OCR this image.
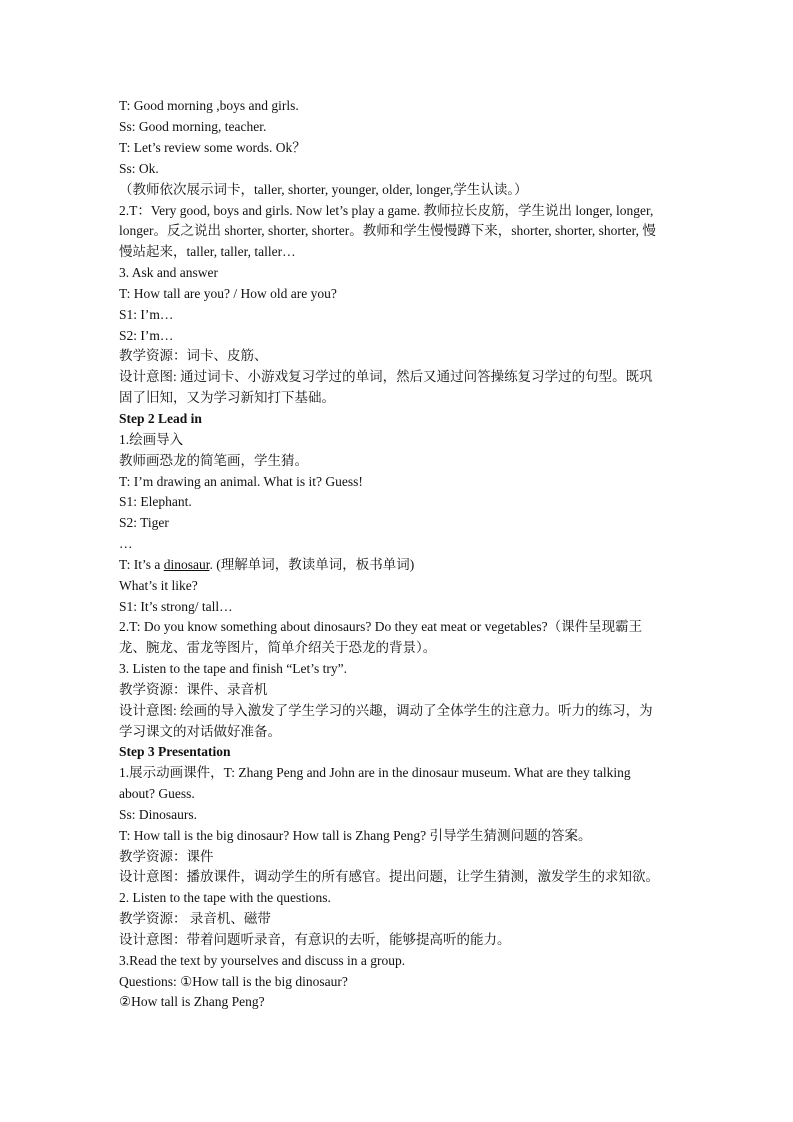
T: Good morning ,boys and girls.
Ss: Good morning, teacher.
T: Let’s review some words. Ok？
Ss: Ok.
（教师依次展示词卡，taller, shorter, younger, older, longer,学生认读。）
2.T：Very good, boys and girls. Now let’s play a game. 教师拉长皮筋，学生说出 longer, longer,
longer。反之说出 shorter, shorter, shorter。教师和学生慢慢蹲下来，shorter, shorter, shorter, 慢
慢站起来，taller, taller, taller…
3. Ask and answer
T: How tall are you? / How old are you?
S1: I’m…
S2: I’m…
教学资源：词卡、皮筋、
设计意图: 通过词卡、小游戏复习学过的单词，然后又通过问答操练复习学过的句型。既巩
固了旧知，又为学习新知打下基础。
Step 2 Lead in
1.绘画导入
教师画恐龙的简笔画，学生猜。
T: I’m drawing an animal. What is it? Guess!
S1: Elephant.
S2: Tiger
…
T: It’s a dinosaur. (理解单词，教读单词，板书单词)
What’s it like?
S1: It’s strong/ tall…
2.T: Do you know something about dinosaurs? Do they eat meat or vegetables?（课件呈现霸王
龙、腕龙、雷龙等图片，简单介绍关于恐龙的背景）。
3. Listen to the tape and finish “Let’s try”.
教学资源：课件、录音机
设计意图: 绘画的导入激发了学生学习的兴趣，调动了全体学生的注意力。听力的练习，为
学习课文的对话做好准备。
Step 3 Presentation
1.展示动画课件，T: Zhang Peng and John are in the dinosaur museum. What are they talking
about? Guess.
Ss: Dinosaurs.
T: How tall is the big dinosaur? How tall is Zhang Peng? 引导学生猜测问题的答案。
教学资源：课件
设计意图：播放课件，调动学生的所有感官。提出问题，让学生猜测，激发学生的求知欲。
2. Listen to the tape with the questions.
教学资源： 录音机、磁带
设计意图：带着问题听录音，有意识的去听，能够提高听的能力。
3.Read the text by yourselves and discuss in a group.
Questions: ①How tall is the big dinosaur?
②How tall is Zhang Peng?
